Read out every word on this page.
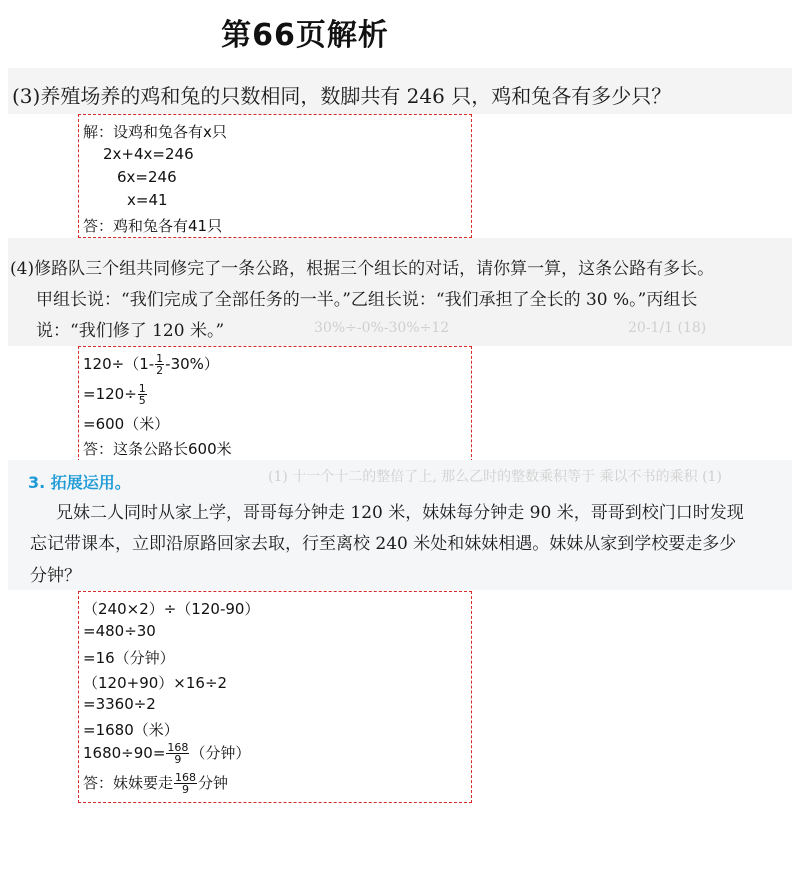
第66页解析
(3)养殖场养的鸡和兔的只数相同，数脚共有 246 只，鸡和兔各有多少只？
解：设鸡和兔各有x只
2x+4x=246
6x=246
x=41
答：鸡和兔各有41只
(4)修路队三个组共同修完了一条公路，根据三个组长的对话，请你算一算，这条公路有多长。
甲组长说：“我们完成了全部任务的一半。”乙组长说：“我们承担了全长的 30 %。”丙组长
说：“我们修了 120 米。”	30%÷-0%-30%÷12	20-1/1 (18)
$120\div(1- \frac{1}{2} -30\%)$
$=120\div \frac{1}{5}$
=600（米）
答：这条公路长600米
3. 拓展运用。	(1) 十一个十二的整倍了上, 那么乙时的整数乘积等于 乘以不书的乘积 (1)
兄妹二人同时从家上学，哥哥每分钟走 120 米，妹妹每分钟走 90 米，哥哥到校门口时发现
忘记带课本，立即沿原路回家去取，行至离校 240 米处和妹妹相遇。妹妹从家到学校要走多少
分钟？
（240×2）÷（120-90）
=480÷30
=16（分钟）
（120+90）×16÷2
=3360÷2
=1680（米）
$1680\div 90= \frac{168}{9}$ （分钟）
答：妹妹要走 $\frac{168}{9}$ 分钟
